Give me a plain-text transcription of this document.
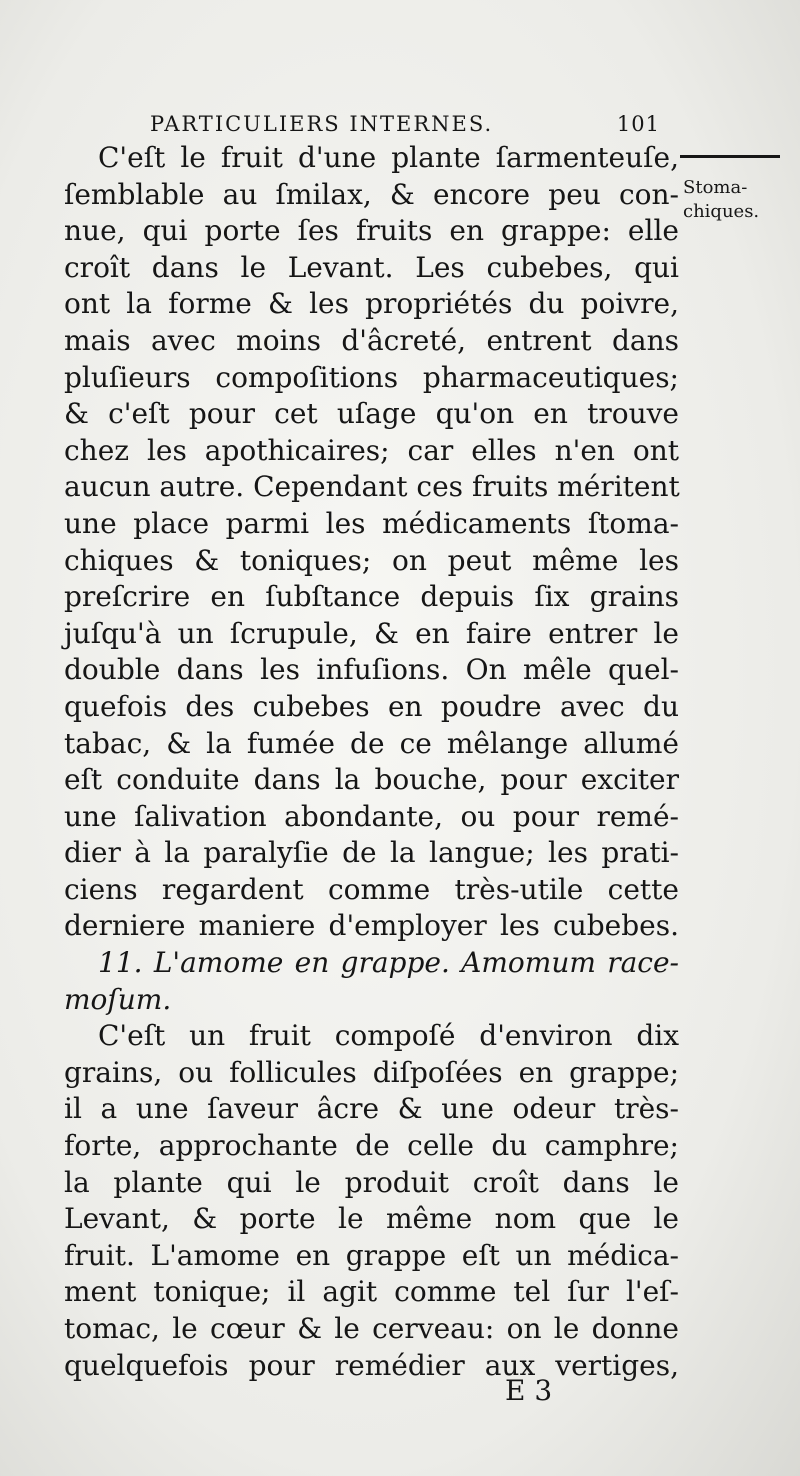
PARTICULIERS INTERNES.	101
Stoma-
chiques.
C'eſt le fruit d'une plante ſarmenteuſe,
ſemblable au ſmilax, & encore peu con-
nue, qui porte ſes fruits en grappe: elle
croît dans le Levant. Les cubebes, qui
ont la forme & les propriétés du poivre,
mais avec moins d'âcreté, entrent dans
pluſieurs compoſitions pharmaceutiques;
& c'eſt pour cet uſage qu'on en trouve
chez les apothicaires; car elles n'en ont
aucun autre. Cependant ces fruits méritent
une place parmi les médicaments ſtoma-
chiques & toniques; on peut même les
preſcrire en ſubſtance depuis ſix grains
juſqu'à un ſcrupule, & en faire entrer le
double dans les infuſions. On mêle quel-
quefois des cubebes en poudre avec du
tabac, & la fumée de ce mêlange allumé
eſt conduite dans la bouche, pour exciter
une ſalivation abondante, ou pour remé-
dier à la paralyſie de la langue; les prati-
ciens regardent comme très-utile cette
derniere maniere d'employer les cubebes.
11. L'amome en grappe. Amomum race-
moſum.
C'eſt un fruit compoſé d'environ dix
grains, ou follicules diſpoſées en grappe;
il a une ſaveur âcre & une odeur très-
forte, approchante de celle du camphre;
la plante qui le produit croît dans le
Levant, & porte le même nom que le
fruit. L'amome en grappe eſt un médica-
ment tonique; il agit comme tel ſur l'eſ-
tomac, le cœur & le cerveau: on le donne
quelquefois pour remédier aux vertiges,
E 3
